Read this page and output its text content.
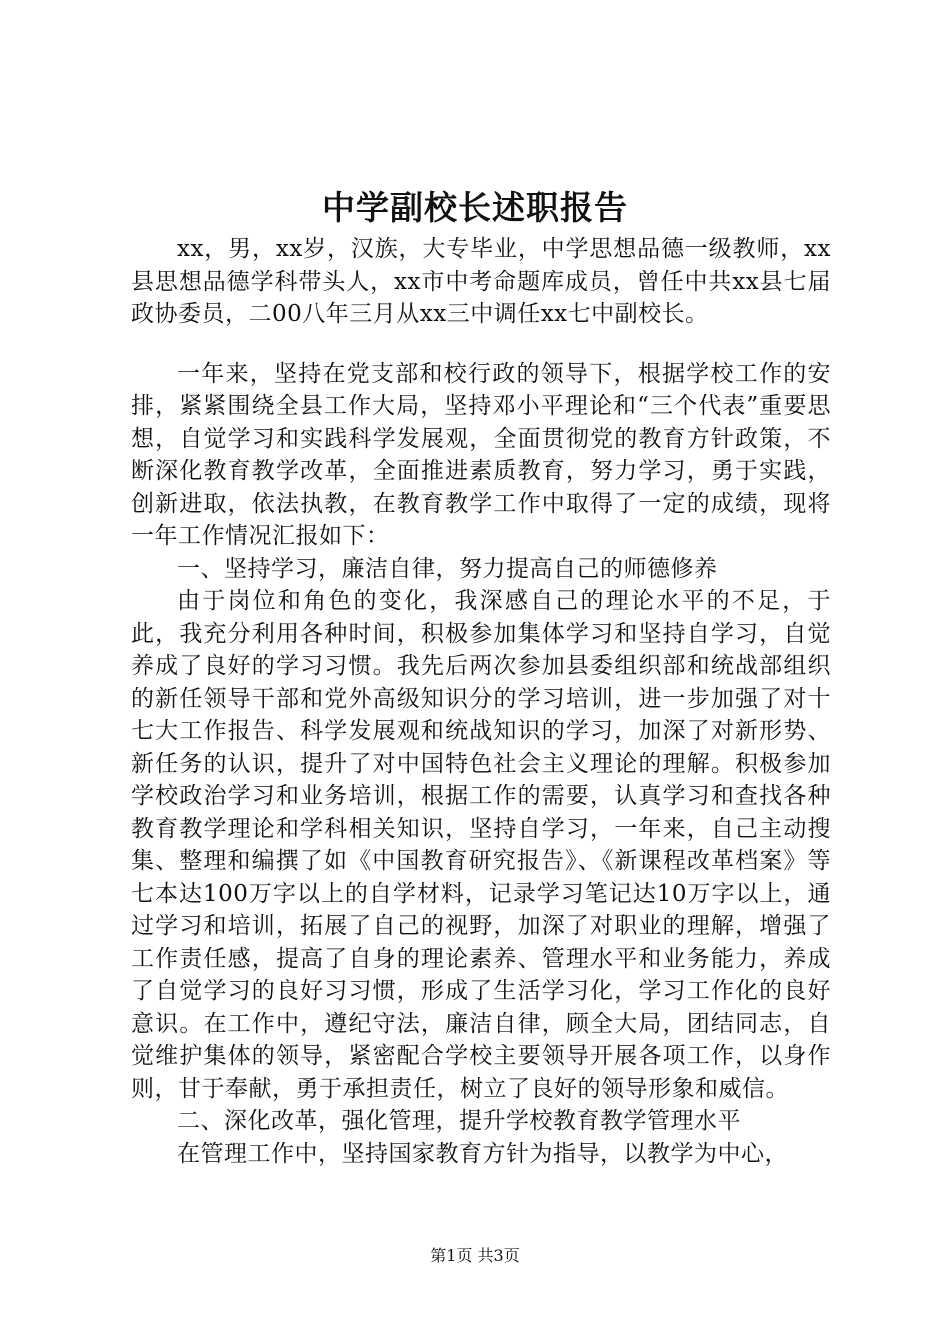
中学副校长述职报告

xx，男，xx岁，汉族，大专毕业，中学思想品德一级教师，xx县思想品德学科带头人，xx市中考命题库成员，曾任中共xx县七届政协委员，二00八年三月从xx三中调任xx七中副校长。

一年来，坚持在党支部和校行政的领导下，根据学校工作的安排，紧紧围绕全县工作大局，坚持邓小平理论和“三个代表”重要思想，自觉学习和实践科学发展观，全面贯彻党的教育方针政策，不断深化教育教学改革，全面推进素质教育，努力学习，勇于实践，创新进取，依法执教，在教育教学工作中取得了一定的成绩，现将一年工作情况汇报如下：

一、坚持学习，廉洁自律，努力提高自己的师德修养

由于岗位和角色的变化，我深感自己的理论水平的不足，于此，我充分利用各种时间，积极参加集体学习和坚持自学习，自觉养成了良好的学习习惯。我先后两次参加县委组织部和统战部组织的新任领导干部和党外高级知识分的学习培训，进一步加强了对十七大工作报告、科学发展观和统战知识的学习，加深了对新形势、新任务的认识，提升了对中国特色社会主义理论的理解。积极参加学校政治学习和业务培训，根据工作的需要，认真学习和查找各种教育教学理论和学科相关知识，坚持自学习，一年来，自己主动搜集、整理和编撰了如《中国教育研究报告》、《新课程改革档案》等七本达100万字以上的自学材料，记录学习笔记达10万字以上，通过学习和培训，拓展了自己的视野，加深了对职业的理解，增强了工作责任感，提高了自身的理论素养、管理水平和业务能力，养成了自觉学习的良好习习惯，形成了生活学习化，学习工作化的良好意识。在工作中，遵纪守法，廉洁自律，顾全大局，团结同志，自觉维护集体的领导，紧密配合学校主要领导开展各项工作，以身作则，甘于奉献，勇于承担责任，树立了良好的领导形象和威信。

二、深化改革，强化管理，提升学校教育教学管理水平

在管理工作中，坚持国家教育方针为指导，以教学为中心，

第1页 共3页
